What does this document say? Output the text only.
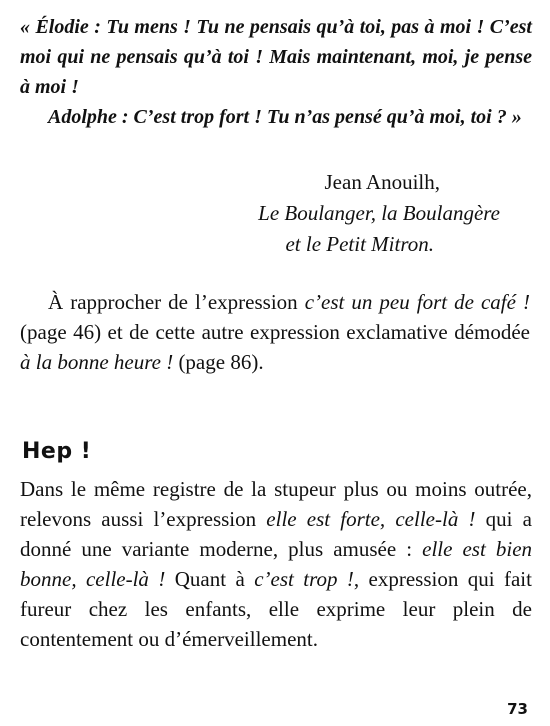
« Élodie : Tu mens ! Tu ne pensais qu’à toi, pas à moi ! C’est moi qui ne pensais qu’à toi ! Mais maintenant, moi, je pense à moi !

Adolphe : C’est trop fort ! Tu n’as pensé qu’à moi, toi ? »

Jean Anouilh,
Le Boulanger, la Boulangère
et le Petit Mitron.
À rapprocher de l’expression c’est un peu fort de café ! (page 46) et de cette autre expression exclamative démodée à la bonne heure ! (page 86).
Hep !
Dans le même registre de la stupeur plus ou moins outrée, relevons aussi l’expression elle est forte, celle-là ! qui a donné une variante moderne, plus amusée : elle est bien bonne, celle-là ! Quant à c’est trop !, expression qui fait fureur chez les enfants, elle exprime leur plein de contentement ou d’émerveillement.
73
